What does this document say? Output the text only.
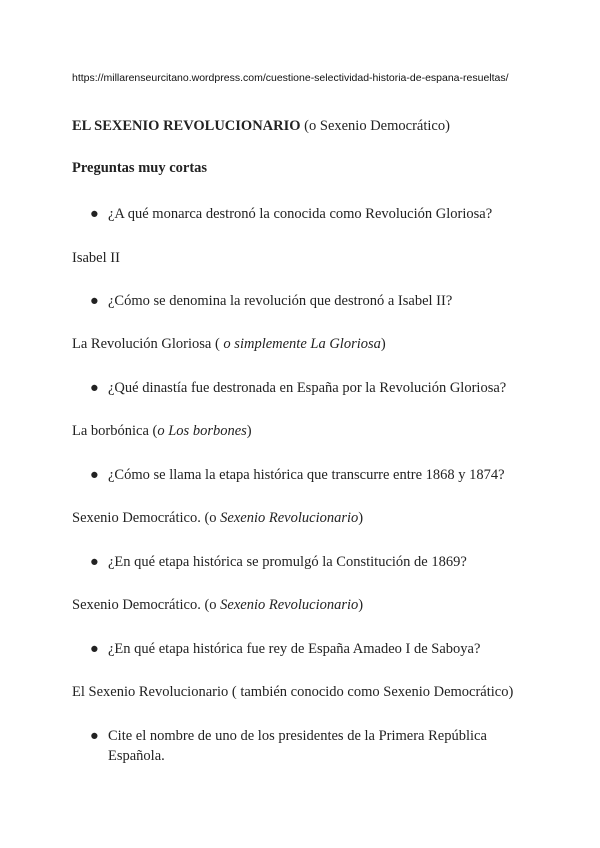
https://millarenseurcitano.wordpress.com/cuestione-selectividad-historia-de-espana-resueltas/

EL SEXENIO REVOLUCIONARIO (o Sexenio Democrático)

Preguntas muy cortas

● ¿A qué monarca destronó la conocida como Revolución Gloriosa?

Isabel II

● ¿Cómo se denomina la revolución que destronó a Isabel II?

La Revolución Gloriosa ( o simplemente La Gloriosa)

● ¿Qué dinastía fue destronada en España por la Revolución Gloriosa?

La borbónica (o Los borbones)

● ¿Cómo se llama la etapa histórica que transcurre entre 1868 y 1874?

Sexenio Democrático. (o Sexenio Revolucionario)

● ¿En qué etapa histórica se promulgó la Constitución de 1869?

Sexenio Democrático. (o Sexenio Revolucionario)

● ¿En qué etapa histórica fue rey de España Amadeo I de Saboya?

El Sexenio Revolucionario ( también conocido como Sexenio Democrático)

● Cite el nombre de uno de los presidentes de la Primera República Española.
